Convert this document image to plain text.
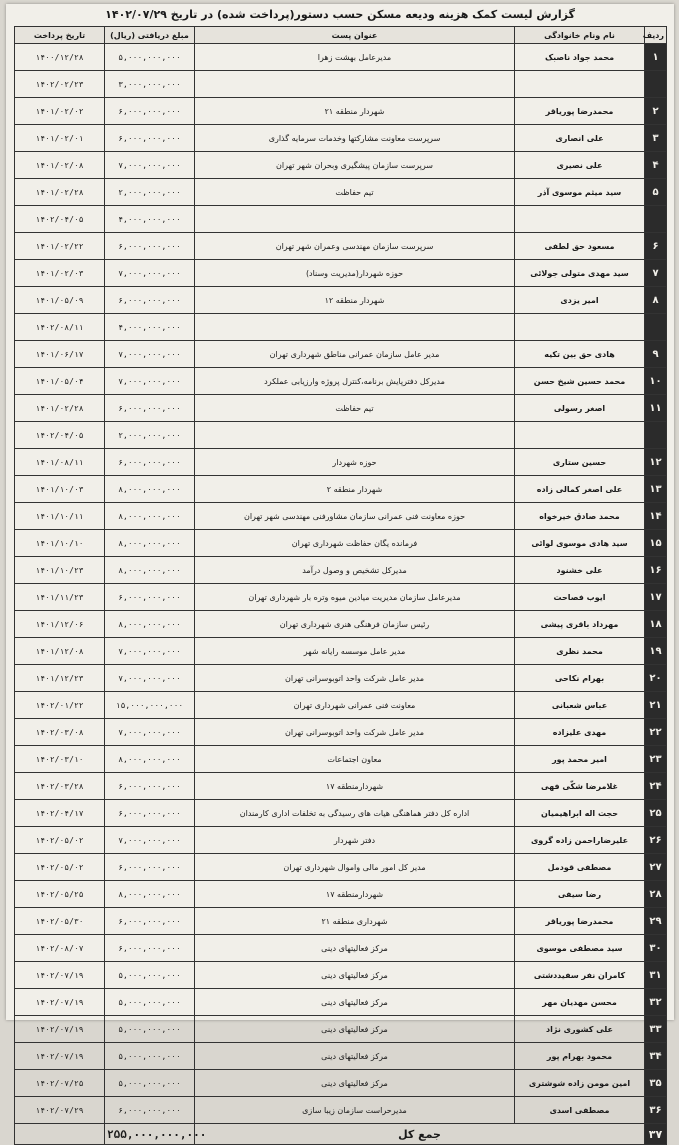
گزارش لیست کمک هزینه ودیعه مسکن حسب دستور(پرداخت شده) در تاریخ ۱۴۰۲/۰۷/۲۹
ردیف	نام ونام خانوادگی	عنوان پست	مبلغ دریافتی (ریال)	تاریخ پرداخت
۱	محمد جواد ناصبک	مدیرعامل بهشت زهرا	۵,۰۰۰,۰۰۰,۰۰۰	۱۴۰۰/۱۲/۲۸
			۳,۰۰۰,۰۰۰,۰۰۰	۱۴۰۲/۰۲/۲۳
۲	محمدرضا پوریاقر	شهردار منطقه ۲۱	۶,۰۰۰,۰۰۰,۰۰۰	۱۴۰۱/۰۲/۰۲
۳	علی انصاری	سرپرست معاونت مشارکتها وخدمات سرمایه گذاری	۶,۰۰۰,۰۰۰,۰۰۰	۱۴۰۱/۰۲/۰۱
۴	علی نصیری	سرپرست سازمان پیشگیری وبحران شهر تهران	۷,۰۰۰,۰۰۰,۰۰۰	۱۴۰۱/۰۲/۰۸
۵	سید میثم موسوی آذر	تیم حفاظت	۲,۰۰۰,۰۰۰,۰۰۰	۱۴۰۱/۰۲/۲۸
			۴,۰۰۰,۰۰۰,۰۰۰	۱۴۰۲/۰۴/۰۵
۶	مسعود حق لطفی	سرپرست سازمان مهندسی وعمران شهر تهران	۶,۰۰۰,۰۰۰,۰۰۰	۱۴۰۱/۰۲/۲۲
۷	سید مهدی متولی جولائی	حوزه شهردار(مدیریت وسناد)	۷,۰۰۰,۰۰۰,۰۰۰	۱۴۰۱/۰۲/۰۳
۸	امیر یزدی	شهردار منطقه ۱۲	۶,۰۰۰,۰۰۰,۰۰۰	۱۴۰۱/۰۵/۰۹
			۴,۰۰۰,۰۰۰,۰۰۰	۱۴۰۲/۰۸/۱۱
۹	هادی حق بین تکیه	مدیر عامل سازمان عمرانی مناطق شهرداری تهران	۷,۰۰۰,۰۰۰,۰۰۰	۱۴۰۱/۰۶/۱۷
۱۰	محمد حسین شیخ حسن	مدیرکل دفترپایش برنامه،کنترل پروژه وارزیابی عملکرد	۷,۰۰۰,۰۰۰,۰۰۰	۱۴۰۱/۰۵/۰۴
۱۱	اصغر رسولی	تیم حفاظت	۶,۰۰۰,۰۰۰,۰۰۰	۱۴۰۱/۰۲/۲۸
			۲,۰۰۰,۰۰۰,۰۰۰	۱۴۰۲/۰۴/۰۵
۱۲	حسین ستاری	حوزه شهردار	۶,۰۰۰,۰۰۰,۰۰۰	۱۴۰۱/۰۸/۱۱
۱۳	علی اصغر کمالی زاده	شهردار منطقه ۲	۸,۰۰۰,۰۰۰,۰۰۰	۱۴۰۱/۱۰/۰۳
۱۴	محمد صادق خیرخواه	حوزه معاونت فنی عمرانی سازمان مشاورفنی مهندسی شهر تهران	۸,۰۰۰,۰۰۰,۰۰۰	۱۴۰۱/۱۰/۱۱
۱۵	سید هادی موسوی لوائی	فرمانده یگان حفاظت شهرداری تهران	۸,۰۰۰,۰۰۰,۰۰۰	۱۴۰۱/۱۰/۱۰
۱۶	علی خشنود	مدیرکل تشخیص و وصول درآمد	۸,۰۰۰,۰۰۰,۰۰۰	۱۴۰۱/۱۰/۲۳
۱۷	ایوب فصاحت	مدیرعامل سازمان مدیریت میادین میوه وتره بار شهرداری تهران	۶,۰۰۰,۰۰۰,۰۰۰	۱۴۰۱/۱۱/۲۳
۱۸	مهرداد باقری پیشی	رئیس سازمان فرهنگی هنری شهرداری تهران	۸,۰۰۰,۰۰۰,۰۰۰	۱۴۰۱/۱۲/۰۶
۱۹	محمد نظری	مدیر عامل موسسه رایانه شهر	۷,۰۰۰,۰۰۰,۰۰۰	۱۴۰۱/۱۲/۰۸
۲۰	بهرام نکاحی	مدیر عامل شرکت واحد اتوبوسرانی تهران	۷,۰۰۰,۰۰۰,۰۰۰	۱۴۰۱/۱۲/۲۳
۲۱	عباس شعبانی	معاونت فنی عمرانی شهرداری تهران	۱۵,۰۰۰,۰۰۰,۰۰۰	۱۴۰۲/۰۱/۲۲
۲۲	مهدی علیزاده	مدیر عامل شرکت واحد اتوبوسرانی تهران	۷,۰۰۰,۰۰۰,۰۰۰	۱۴۰۲/۰۳/۰۸
۲۳	امیر محمد پور	معاون اجتماعات	۸,۰۰۰,۰۰۰,۰۰۰	۱۴۰۲/۰۳/۱۰
۲۴	غلامرضا شکّی فهی	شهردارمنطقه ۱۷	۶,۰۰۰,۰۰۰,۰۰۰	۱۴۰۲/۰۳/۲۸
۲۵	حجت اله ابراهیمیان	اداره کل دفتر هماهنگی هیات های رسیدگی به تخلفات اداری کارمندان	۶,۰۰۰,۰۰۰,۰۰۰	۱۴۰۲/۰۴/۱۷
۲۶	علیرضاراحمن زاده گروی	دفتر شهردار	۷,۰۰۰,۰۰۰,۰۰۰	۱۴۰۲/۰۵/۰۲
۲۷	مصطفی قودمل	مدیر کل امور مالی واموال شهرداری تهران	۶,۰۰۰,۰۰۰,۰۰۰	۱۴۰۲/۰۵/۰۲
۲۸	رضا سیفی	شهردارمنطقه ۱۷	۸,۰۰۰,۰۰۰,۰۰۰	۱۴۰۲/۰۵/۲۵
۲۹	محمدرضا پوریاقر	شهرداری منطقه ۲۱	۶,۰۰۰,۰۰۰,۰۰۰	۱۴۰۲/۰۵/۳۰
۳۰	سید مصطفی موسوی	مرکز فعالیتهای دینی	۶,۰۰۰,۰۰۰,۰۰۰	۱۴۰۲/۰۸/۰۷
۳۱	کامران نفر سفیددشتی	مرکز فعالیتهای دینی	۵,۰۰۰,۰۰۰,۰۰۰	۱۴۰۲/۰۷/۱۹
۳۲	محسن مهدیان مهر	مرکز فعالیتهای دینی	۵,۰۰۰,۰۰۰,۰۰۰	۱۴۰۲/۰۷/۱۹
۳۳	علی کشوری نژاد	مرکز فعالیتهای دینی	۵,۰۰۰,۰۰۰,۰۰۰	۱۴۰۲/۰۷/۱۹
۳۴	محمود بهرام پور	مرکز فعالیتهای دینی	۵,۰۰۰,۰۰۰,۰۰۰	۱۴۰۲/۰۷/۱۹
۳۵	امین مومن زاده شوشتری	مرکز فعالیتهای دینی	۵,۰۰۰,۰۰۰,۰۰۰	۱۴۰۲/۰۷/۲۵
۳۶	مصطفی اسدی	مدیرحراست سازمان زیبا سازی	۶,۰۰۰,۰۰۰,۰۰۰	۱۴۰۲/۰۷/۲۹
۳۷	جمع کل		۲۵۵,۰۰۰,۰۰۰,۰۰۰	
